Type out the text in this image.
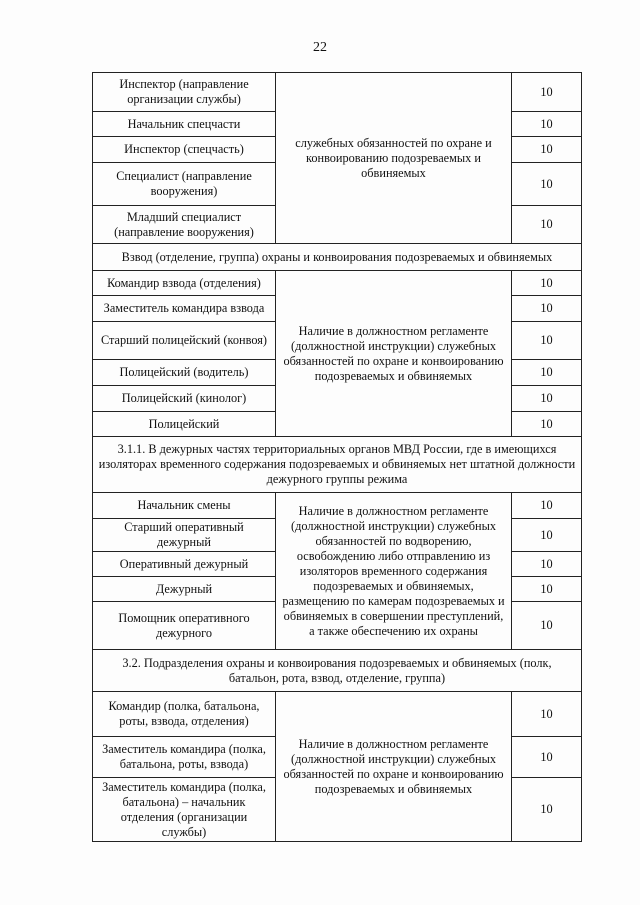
22
Инспектор (направление организации службы)	служебных обязанностей по охране и конвоированию подозреваемых и обвиняемых	10
Начальник спецчасти		10
Инспектор (спецчасть)		10
Специалист (направление вооружения)		10
Младший специалист (направление вооружения)		10
Взвод (отделение, группа) охраны и конвоирования подозреваемых и обвиняемых		
Командир взвода (отделения)	Наличие в должностном регламенте (должностной инструкции) служебных обязанностей по охране и конвоированию подозреваемых и обвиняемых	10
Заместитель командира взвода		10
Старший полицейский (конвоя)		10
Полицейский (водитель)		10
Полицейский (кинолог)		10
Полицейский		10
3.1.1. В дежурных частях территориальных органов МВД России, где в имеющихся изоляторах временного содержания подозреваемых и обвиняемых нет штатной должности дежурного группы режима		
Начальник смены	Наличие в должностном регламенте (должностной инструкции) служебных обязанностей по водворению, освобождению либо отправлению из изоляторов временного содержания подозреваемых и обвиняемых, размещению по камерам подозреваемых и обвиняемых в совершении преступлений, а также обеспечению их охраны	10
Старший оперативный дежурный		10
Оперативный дежурный		10
Дежурный		10
Помощник оперативного дежурного		10
3.2. Подразделения охраны и конвоирования подозреваемых и обвиняемых (полк, батальон, рота, взвод, отделение, группа)		
Командир (полка, батальона, роты, взвода, отделения)	Наличие в должностном регламенте (должностной инструкции) служебных обязанностей по охране и конвоированию подозреваемых и обвиняемых	10
Заместитель командира (полка, батальона, роты, взвода)		10
Заместитель командира (полка, батальона) – начальник отделения (организации службы)		10
